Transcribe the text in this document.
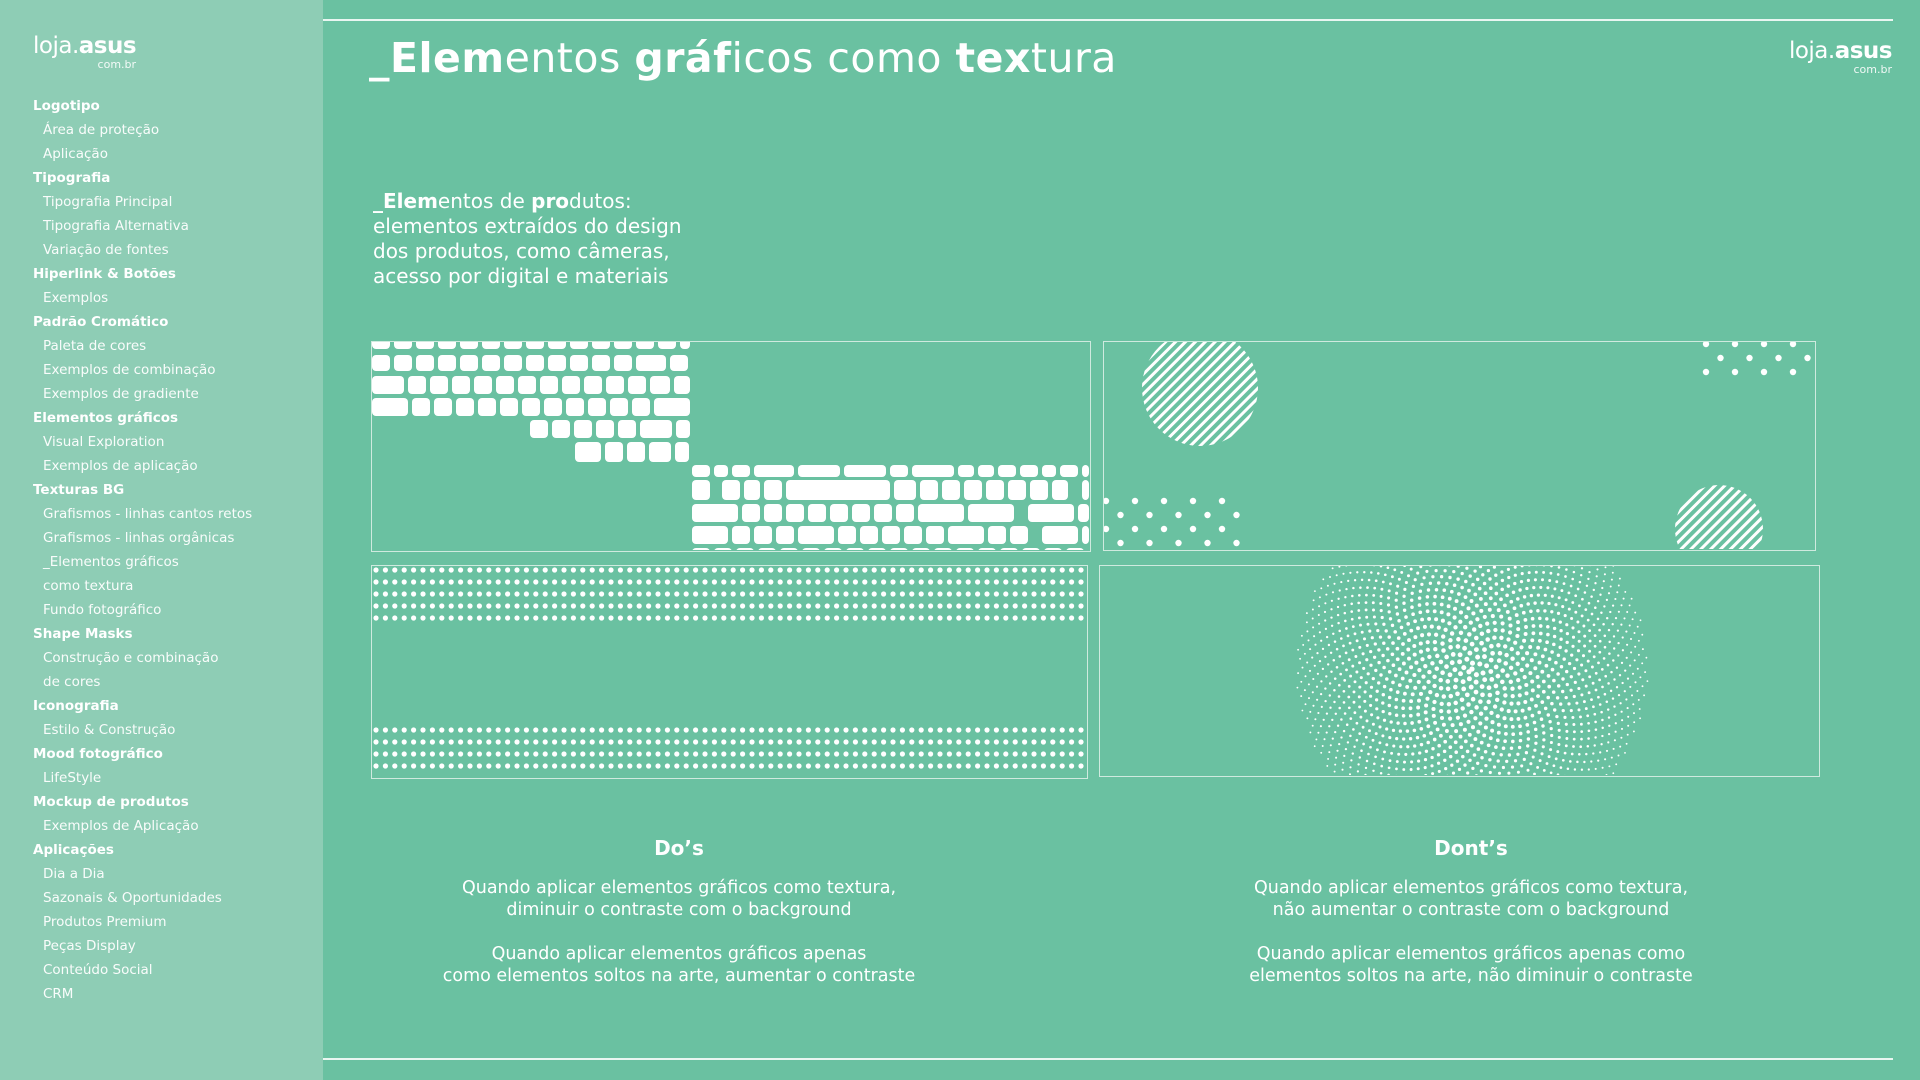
loja.asus
com.br
Logotipo
Área de proteção
Aplicação
Tipografia
Tipografia Principal
Tipografia Alternativa
Variação de fontes
Hiperlink & Botões
Exemplos
Padrão Cromático
Paleta de cores
Exemplos de combinação
Exemplos de gradiente
Elementos gráficos
Visual Exploration
Exemplos de aplicação
Texturas BG
Grafismos - linhas cantos retos
Grafismos - linhas orgânicas
_Elementos gráficos
como textura
Fundo fotográfico
Shape Masks
Construção e combinação
de cores
Iconografia
Estilo & Construção
Mood fotográfico
LifeStyle
Mockup de produtos
Exemplos de Aplicação
Aplicações
Dia a Dia
Sazonais & Oportunidades
Produtos Premium
Peças Display
Conteúdo Social
CRM
loja.asus
com.br
_Elementos gráficos como textura
_Elementos de produtos:
elementos extraídos do design
dos produtos, como câmeras,
acesso por digital e materiais
Do’s
Quando aplicar elementos gráficos como textura,
diminuir o contraste com o background
Quando aplicar elementos gráficos apenas
como elementos soltos na arte, aumentar o contraste
Dont’s
Quando aplicar elementos gráficos como textura,
não aumentar o contraste com o background
Quando aplicar elementos gráficos apenas como
elementos soltos na arte, não diminuir o contraste
